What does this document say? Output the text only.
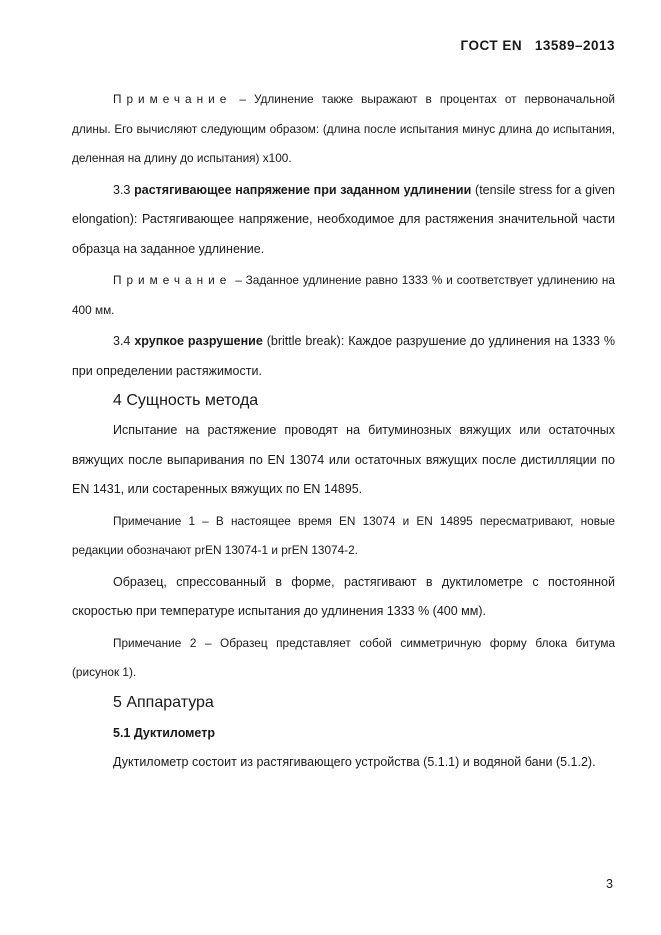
ГОСТ EN 13589–2013

Примечание – Удлинение также выражают в процентах от первоначальной длины. Его вычисляют следующим образом: (длина после испытания минус длина до испытания, деленная на длину до испытания) х100.

3.3 растягивающее напряжение при заданном удлинении (tensile stress for a given elongation): Растягивающее напряжение, необходимое для растяжения значительной части образца на заданное удлинение.

Примечание – Заданное удлинение равно 1333 % и соответствует удлинению на 400 мм.

3.4 хрупкое разрушение (brittle break): Каждое разрушение до удлинения на 1333 % при определении растяжимости.

4 Сущность метода

Испытание на растяжение проводят на битуминозных вяжущих или остаточных вяжущих после выпаривания по EN 13074 или остаточных вяжущих после дистилляции по EN 1431, или состаренных вяжущих по EN 14895.

Примечание 1 – В настоящее время EN 13074 и EN 14895 пересматривают, новые редакции обозначают prEN 13074-1 и prEN 13074-2.

Образец, спрессованный в форме, растягивают в дуктилометре с постоянной скоростью при температуре испытания до удлинения 1333 % (400 мм).

Примечание 2 – Образец представляет собой симметричную форму блока битума (рисунок 1).

5 Аппаратура
5.1 Дуктилометр

Дуктилометр состоит из растягивающего устройства (5.1.1) и водяной бани (5.1.2).

3
